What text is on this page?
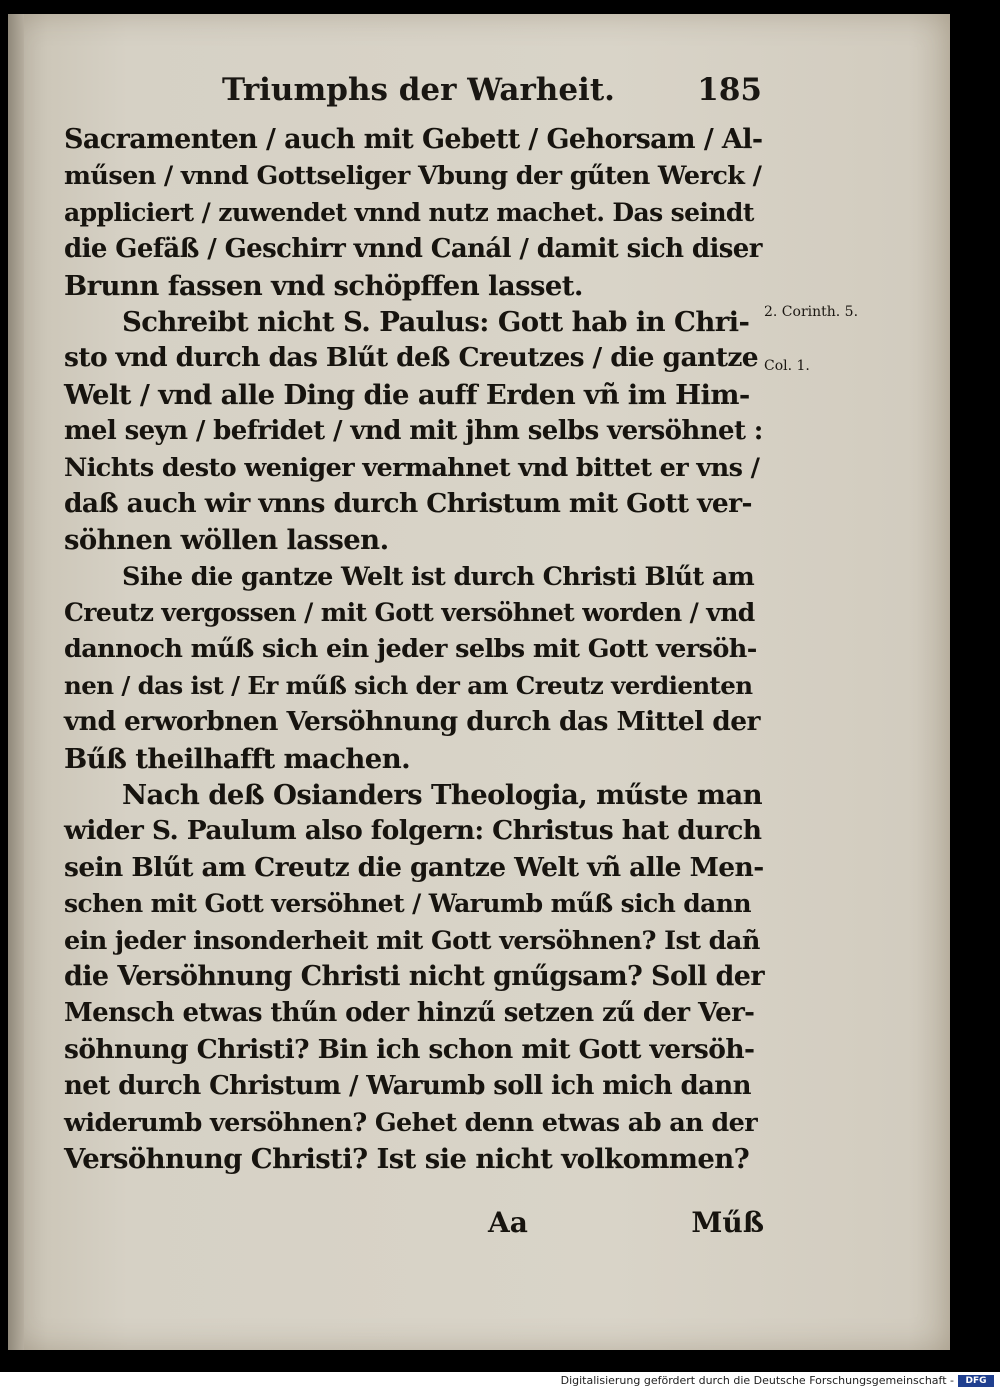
Triumphs der Warheit.	185
Sacramenten / auch mit Gebett / Gehorsam / Al-
műsen / vnnd Gottseliger Vbung der gűten Werck /
appliciert / zuwendet vnnd nutz machet. Das seindt
die Gefäß / Geschirr vnnd Canál / damit sich diser
Brunn fassen vnd schöpffen lasset.
Schreibt nicht S. Paulus: Gott hab in Chri-
sto vnd durch das Blűt deß Creutzes / die gantze
Welt / vnd alle Ding die auff Erden vñ im Him-
mel seyn / befridet / vnd mit jhm selbs versöhnet :
Nichts desto weniger vermahnet vnd bittet er vns /
daß auch wir vnns durch Christum mit Gott ver-
söhnen wöllen lassen.
Sihe die gantze Welt ist durch Christi Blűt am
Creutz vergossen / mit Gott versöhnet worden / vnd
dannoch műß sich ein jeder selbs mit Gott versöh-
nen / das ist / Er műß sich der am Creutz verdienten
vnd erworbnen Versöhnung durch das Mittel der
Bűß theilhafft machen.
Nach deß Osianders Theologia, műste man
wider S. Paulum also folgern: Christus hat durch
sein Blűt am Creutz die gantze Welt vñ alle Men-
schen mit Gott versöhnet / Warumb műß sich dann
ein jeder insonderheit mit Gott versöhnen? Ist dañ
die Versöhnung Christi nicht gnűgsam? Soll der
Mensch etwas thűn oder hinzű setzen zű der Ver-
söhnung Christi? Bin ich schon mit Gott versöh-
net durch Christum / Warumb soll ich mich dann
widerumb versöhnen? Gehet denn etwas ab an der
Versöhnung Christi? Ist sie nicht volkommen?
2. Corinth. 5.
Col. 1.
Aa	Műß
Digitalisierung gefördert durch die Deutsche Forschungsgemeinschaft -	DFG
